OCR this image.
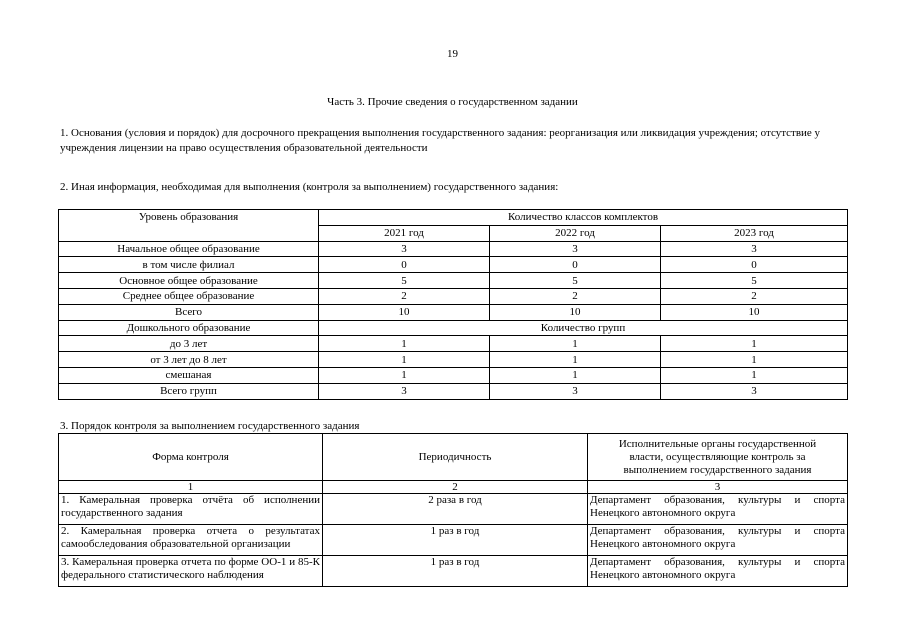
19
Часть 3. Прочие сведения о государственном задании
1. Основания (условия и порядок) для досрочного прекращения выполнения государственного задания: реорганизация или ликвидация учреждения; отсутствие у учреждения лицензии на право осуществления образовательной деятельности
2. Иная информация, необходимая для выполнения (контроля за выполнением) государственного задания:
Уровень образования	Количество классов комплектов		
	2021 год	2022 год	2023 год
Начальное общее образование	3	3	3
в том числе филиал	0	0	0
Основное общее образование	5	5	5
Среднее общее образование	2	2	2
Всего	10	10	10
Дошкольного образование	Количество групп		
до 3 лет	1	1	1
от 3 лет до 8 лет	1	1	1
смешаная	1	1	1
Всего групп	3	3	3
3. Порядок контроля за выполнением государственного задания
Форма контроля	Периодичность	Исполнительные органы государственной власти, осуществляющие контроль за выполнением государственного задания
1	2	3
1. Камеральная проверка отчёта об исполнении государственного задания	2 раза в год	Департамент образования, культуры и спорта Ненецкого автономного округа
2. Камеральная проверка отчета о результатах самообследования образовательной организации	1 раз в год	Департамент образования, культуры и спорта Ненецкого автономного округа
3. Камеральная проверка отчета по форме ОО-1 и 85-К федерального статистического наблюдения	1 раз в год	Департамент образования, культуры и спорта Ненецкого автономного округа
